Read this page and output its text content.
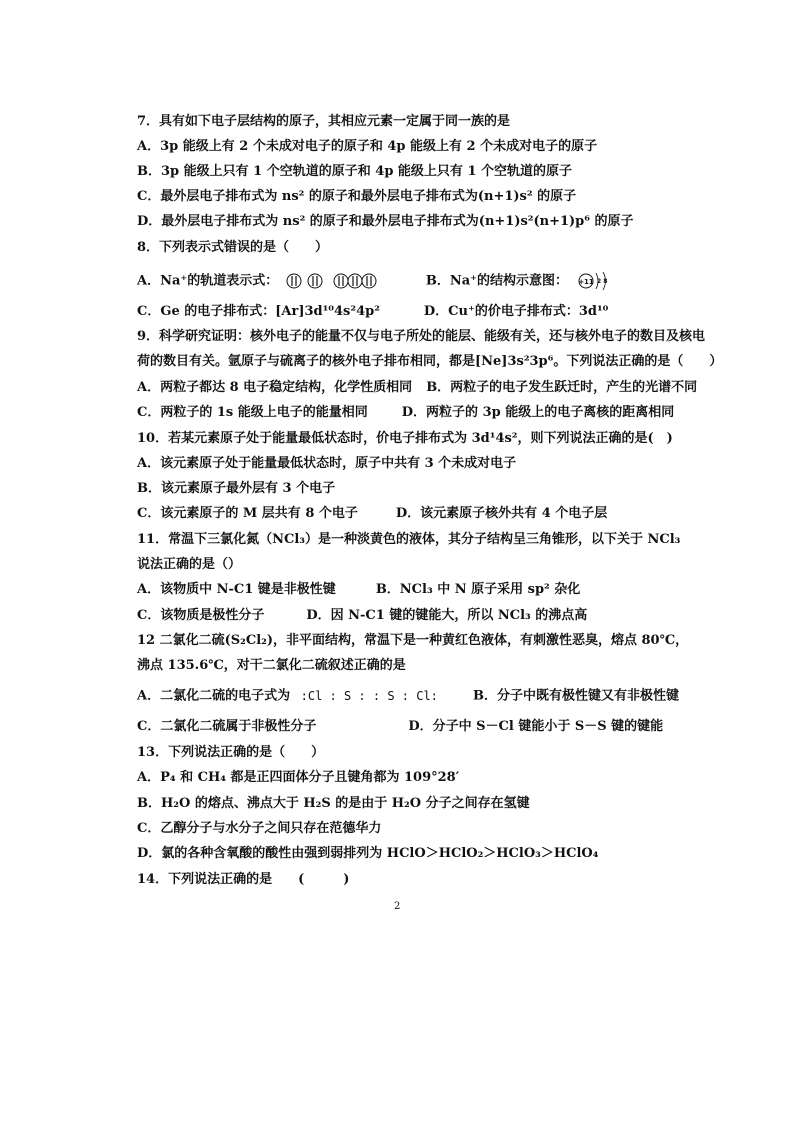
7．具有如下电子层结构的原子，其相应元素一定属于同一族的是
A．3p 能级上有 2 个未成对电子的原子和 4p 能级上有 2 个未成对电子的原子
B．3p 能级上只有 1 个空轨道的原子和 4p 能级上只有 1 个空轨道的原子
C．最外层电子排布式为 ns² 的原子和最外层电子排布式为(n+1)s² 的原子
D．最外层电子排布式为 ns² 的原子和最外层电子排布式为(n+1)s²(n+1)p⁶ 的原子
8．下列表示式错误的是（　　）
A．Na⁺的轨道表示式：	B．Na⁺的结构示意图： +11 2 8
C．Ge 的电子排布式：[Ar]3d¹⁰4s²4p²	D．Cu⁺的价电子排布式：3d¹⁰
9．科学研究证明：核外电子的能量不仅与电子所处的能层、能级有关，还与核外电子的数目及核电
荷的数目有关。氩原子与硫离子的核外电子排布相同，都是[Ne]3s²3p⁶。下列说法正确的是（　　）
A．两粒子都达 8 电子稳定结构，化学性质相同 B．两粒子的电子发生跃迁时，产生的光谱不同
C．两粒子的 1s 能级上电子的能量相同	D．两粒子的 3p 能级上的电子离核的距离相同
10．若某元素原子处于能量最低状态时，价电子排布式为 3d¹4s²，则下列说法正确的是(　)
A．该元素原子处于能量最低状态时，原子中共有 3 个未成对电子
B．该元素原子最外层有 3 个电子
C．该元素原子的 M 层共有 8 个电子	D．该元素原子核外共有 4 个电子层
11．常温下三氯化氮（NCl₃）是一种淡黄色的液体，其分子结构呈三角锥形，以下关于 NCl₃
说法正确的是（）
A．该物质中 N-C1 键是非极性键	B．NCl₃ 中 N 原子采用 sp² 杂化
C．该物质是极性分子	D．因 N-C1 键的键能大，所以 NCl₃ 的沸点高
12 二氯化二硫(S₂Cl₂)，非平面结构，常温下是一种黄红色液体，有刺激性恶臭，熔点 80℃，
沸点 135.6℃，对干二氯化二硫叙述正确的是
A．二氯化二硫的电子式为 :Cl : S : : S : Cl:	B．分子中既有极性键又有非极性键
C．二氯化二硫属于非极性分子	D．分子中 S－Cl 键能小于 S－S 键的键能
13．下列说法正确的是（　　）
A．P₄ 和 CH₄ 都是正四面体分子且键角都为 109°28′
B．H₂O 的熔点、沸点大于 H₂S 的是由于 H₂O 分子之间存在氢键
C．乙醇分子与水分子之间只存在范德华力
D．氯的各种含氧酸的酸性由强到弱排列为 HClO＞HClO₂＞HClO₃＞HClO₄
14．下列说法正确的是　　(　　　)
2
